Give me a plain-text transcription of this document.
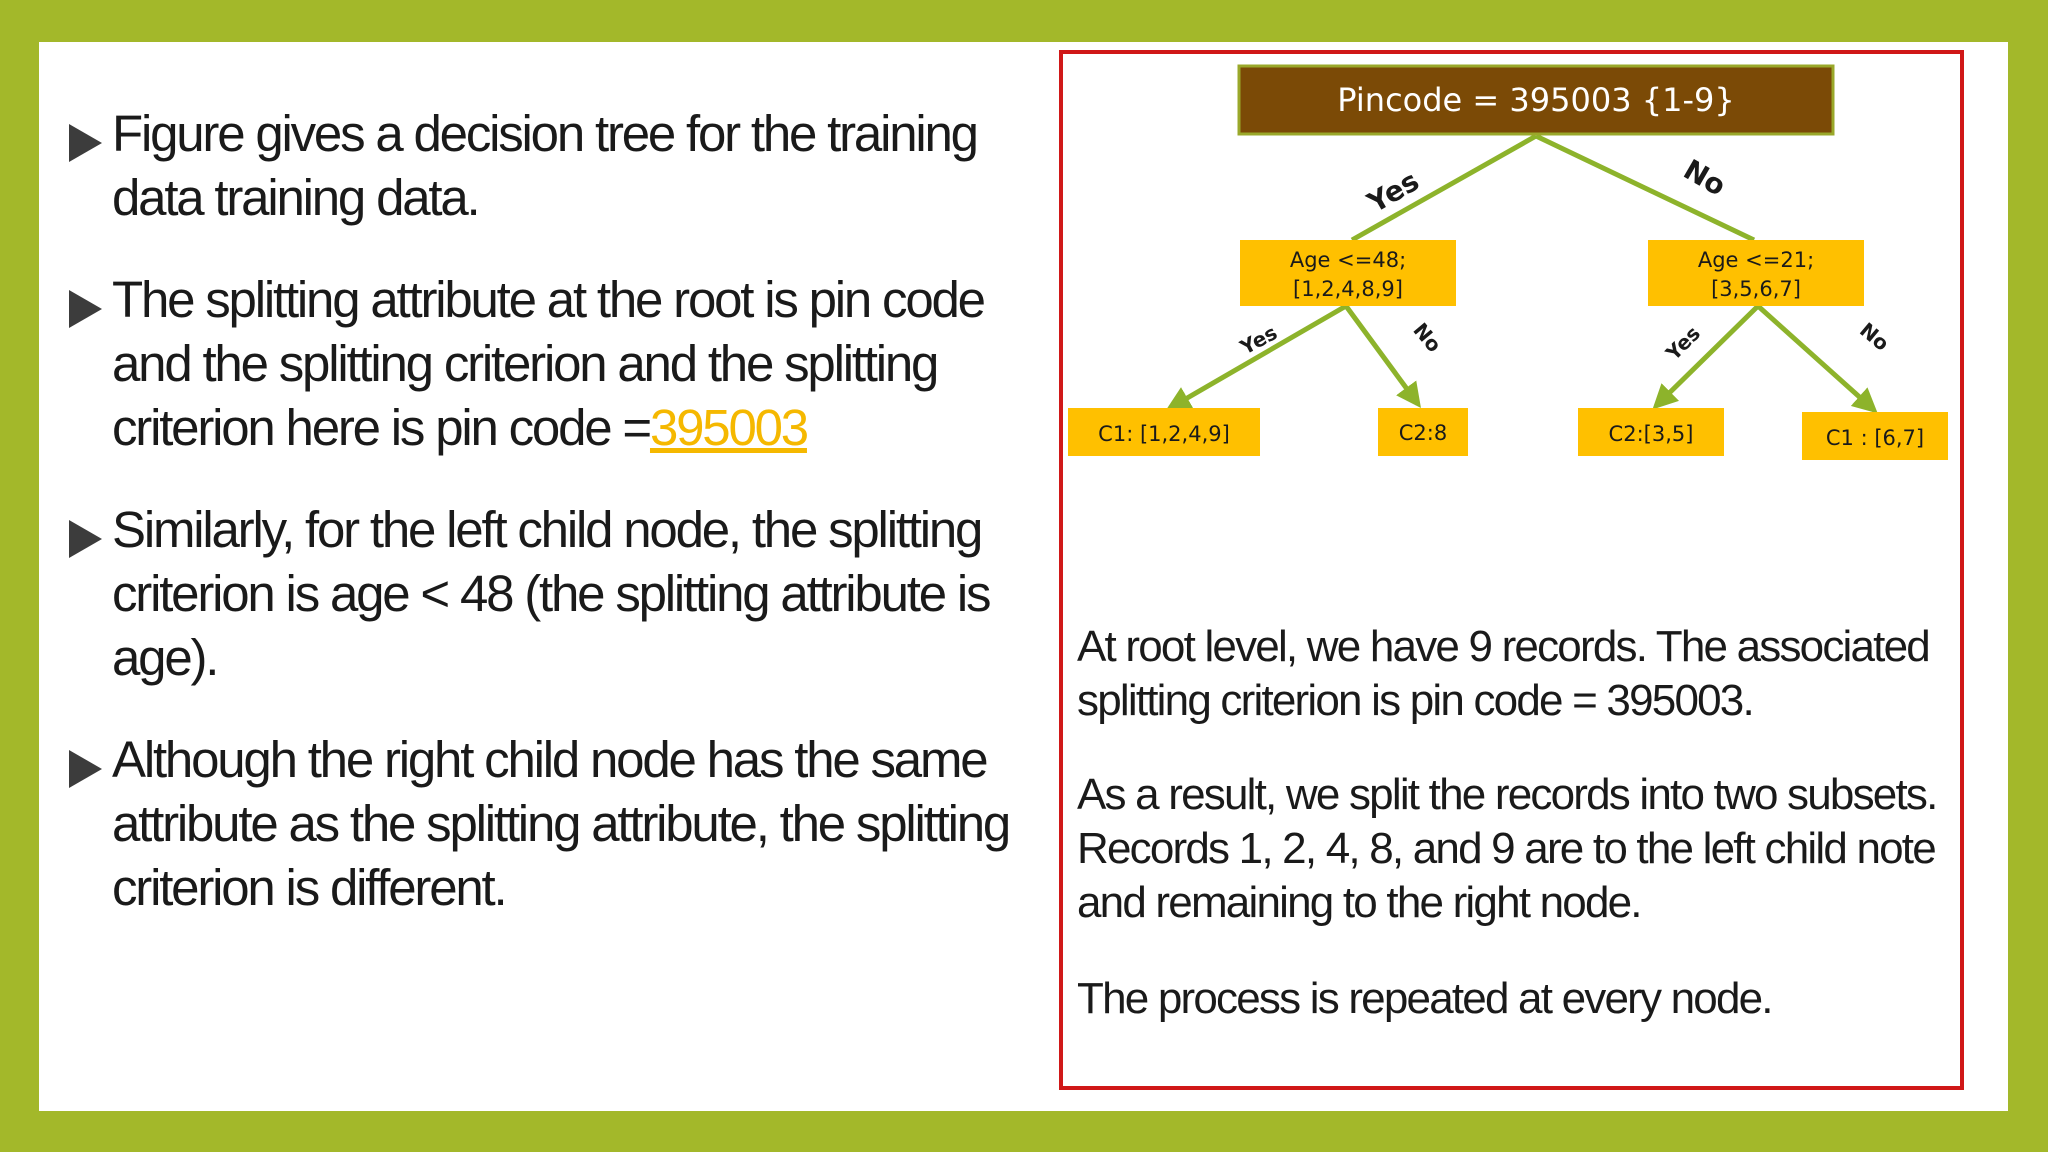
Figure gives a decision tree for the training data training data.
The splitting attribute at the root is pin code and the splitting criterion and the splitting criterion here is pin code =395003
Similarly, for the left child node, the splitting criterion is age < 48 (the splitting attribute is age).
Although the right child node has the same attribute as the splitting attribute, the splitting criterion is different.
Pincode = 395003 {1-9}
Yes	No
Age <=48;
[1,2,4,8,9]
Age <=21;
[3,5,6,7]
Yes	No	Yes	No
C1: [1,2,4,9]	C2:8	C2:[3,5]	C1 : [6,7]

At root level, we have 9 records. The associated splitting criterion is pin code = 395003.

As a result, we split the records into two subsets. Records 1, 2, 4, 8, and 9 are to the left child note and remaining to the right node.

The process is repeated at every node.
